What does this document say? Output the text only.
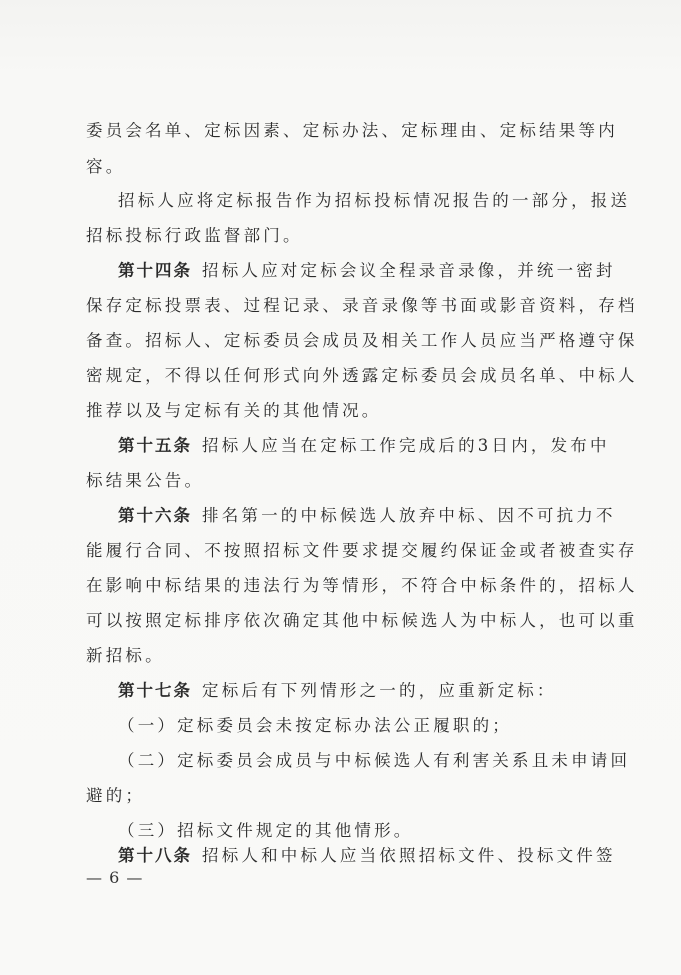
委员会名单、定标因素、定标办法、定标理由、定标结果等内
容。
招标人应将定标报告作为招标投标情况报告的一部分，报送
招标投标行政监督部门。
第十四条 招标人应对定标会议全程录音录像，并统一密封
保存定标投票表、过程记录、录音录像等书面或影音资料，存档
备查。招标人、定标委员会成员及相关工作人员应当严格遵守保
密规定，不得以任何形式向外透露定标委员会成员名单、中标人
推荐以及与定标有关的其他情况。
第十五条 招标人应当在定标工作完成后的3日内，发布中
标结果公告。
第十六条 排名第一的中标候选人放弃中标、因不可抗力不
能履行合同、不按照招标文件要求提交履约保证金或者被查实存
在影响中标结果的违法行为等情形，不符合中标条件的，招标人
可以按照定标排序依次确定其他中标候选人为中标人，也可以重
新招标。
第十七条 定标后有下列情形之一的，应重新定标：
（一）定标委员会未按定标办法公正履职的；
（二）定标委员会成员与中标候选人有利害关系且未申请回
避的；
（三）招标文件规定的其他情形。
第十八条 招标人和中标人应当依照招标文件、投标文件签
— 6 —
